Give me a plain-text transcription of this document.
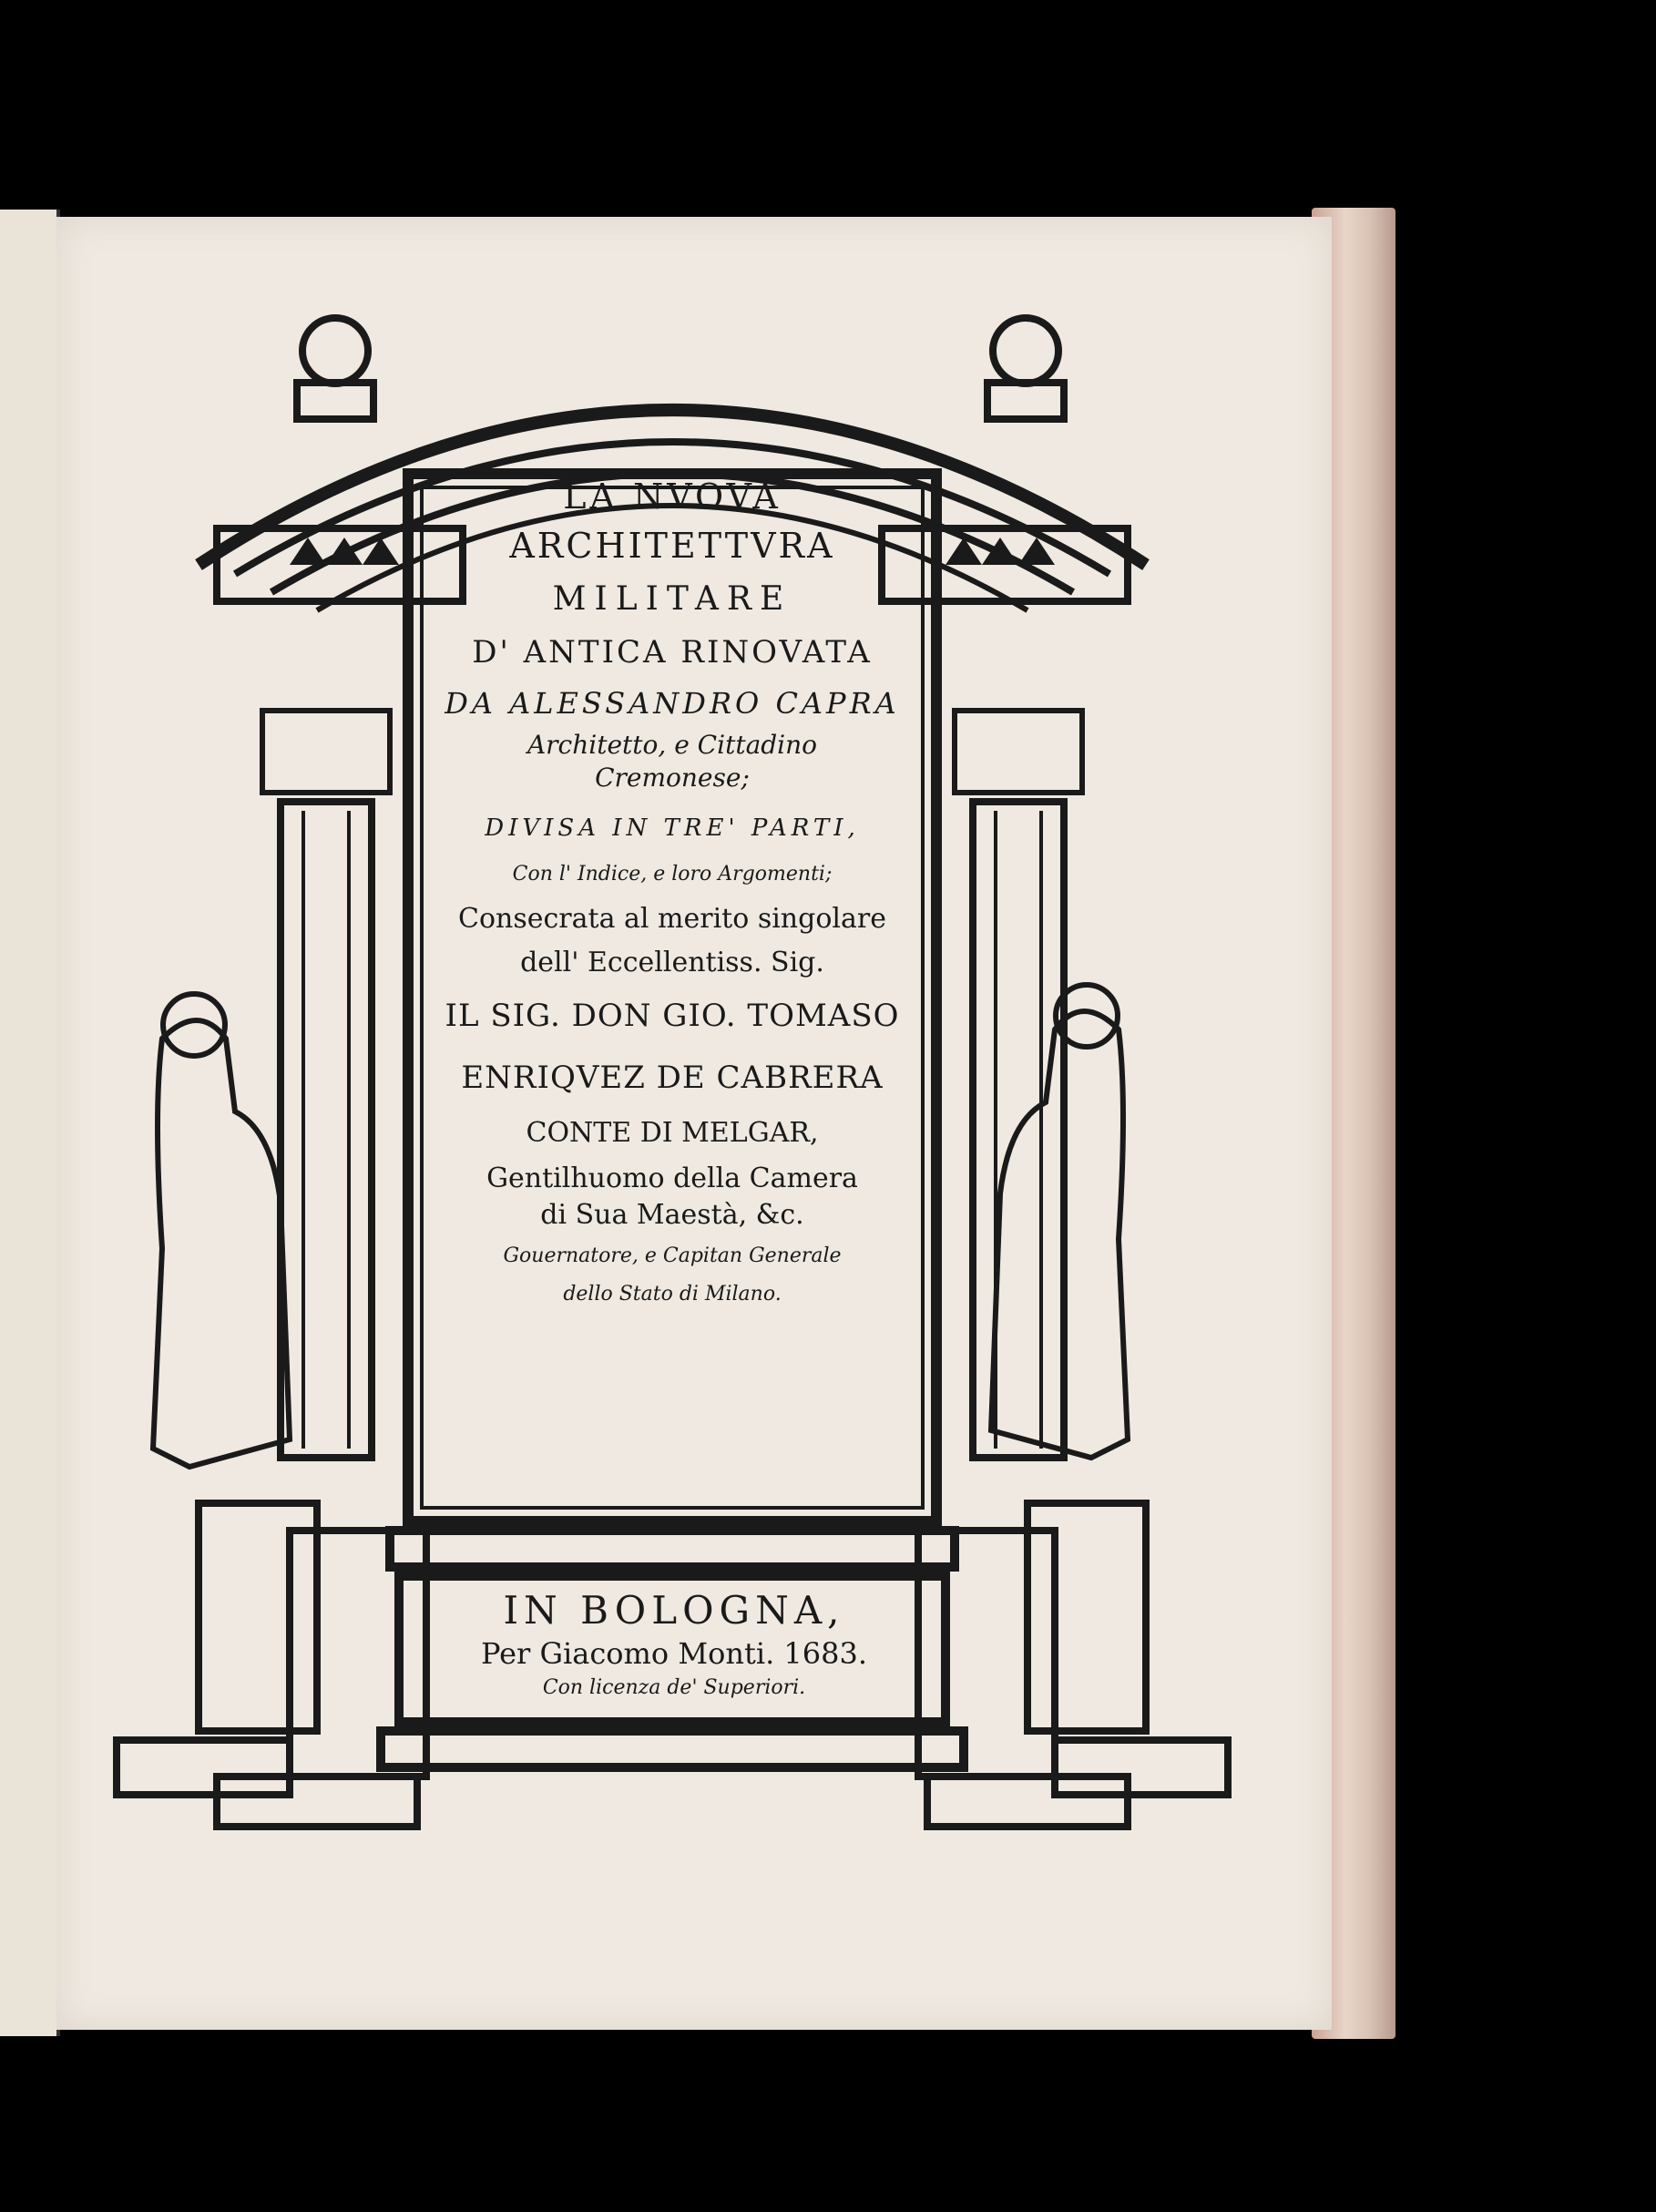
LA NVOVA
ARCHITETTVRA
MILITARE
D' ANTICA RINOVATA
DA ALESSANDRO CAPRA
Architetto, e Cittadino
Cremonese;
DIVISA IN TRE' PARTI,
Con l' Indice, e loro Argomenti;
Consecrata al merito singolare
dell' Eccellentiss. Sig.
IL SIG. DON GIO. TOMASO
ENRIQVEZ DE CABRERA
CONTE DI MELGAR,
Gentilhuomo della Camera
di Sua Maestà, &c.
Gouernatore, e Capitan Generale
dello Stato di Milano.
IN BOLOGNA,
Per Giacomo Monti. 1683.
Con licenza de' Superiori.
